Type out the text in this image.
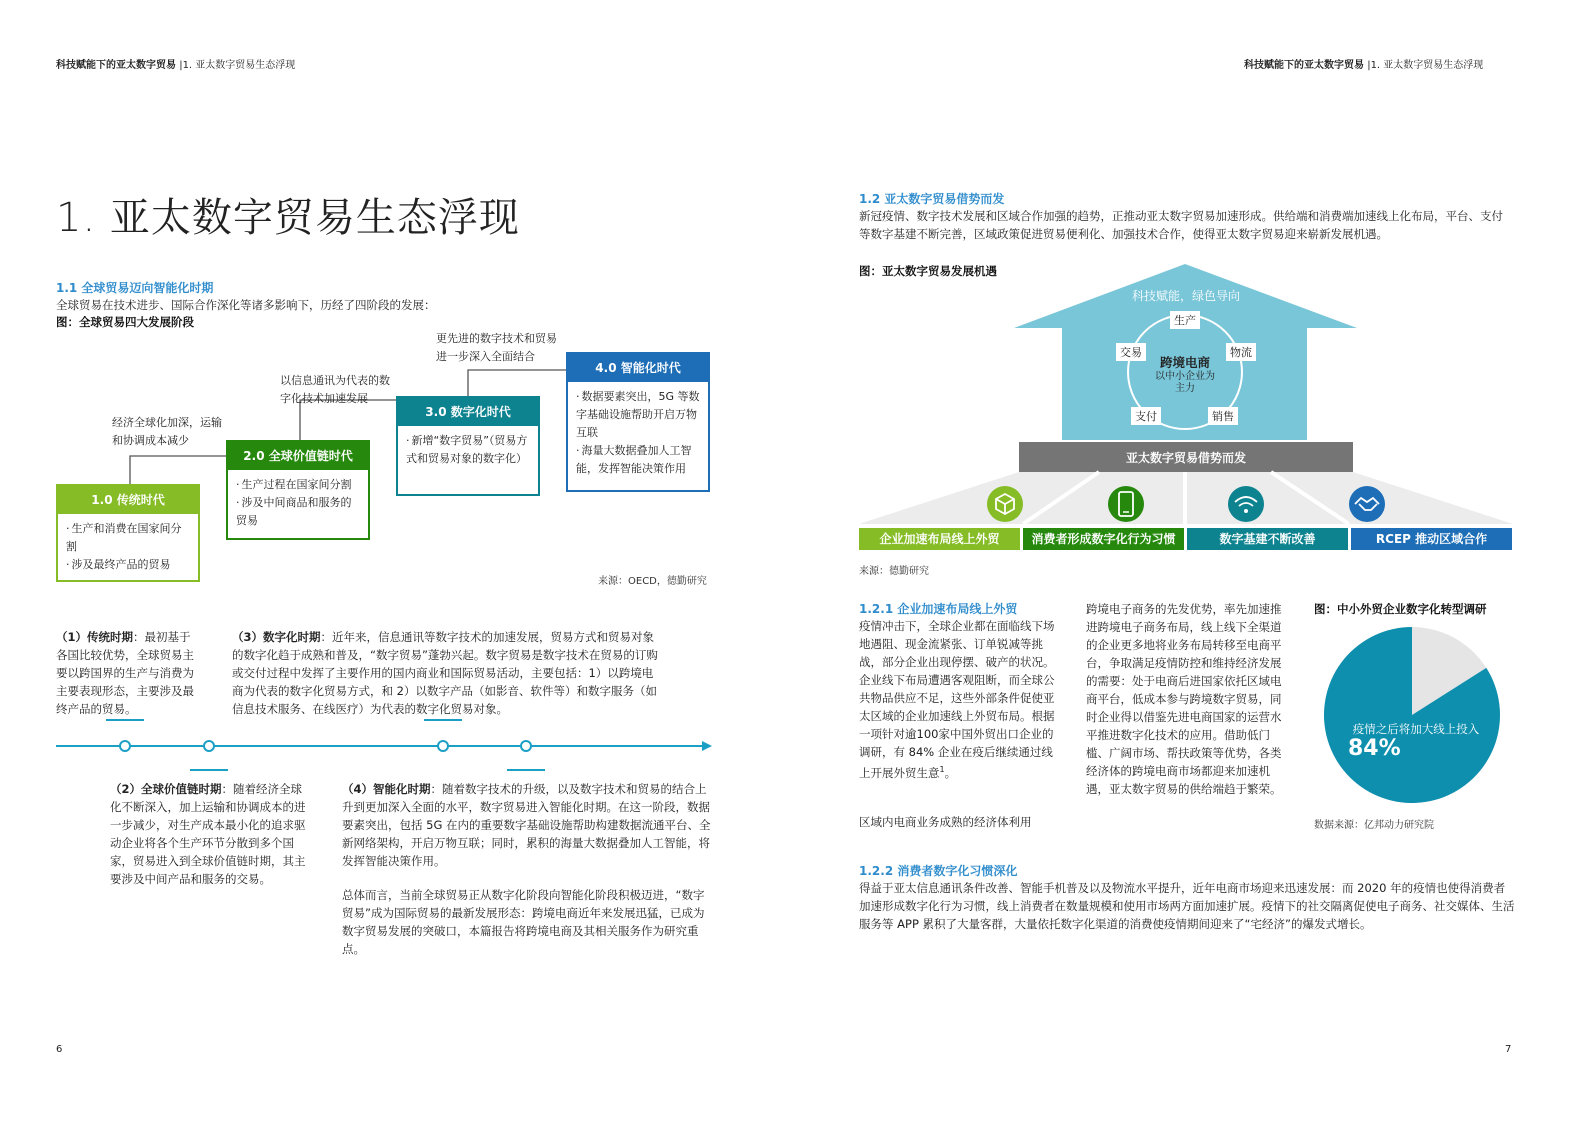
科技赋能下的亚太数字贸易 |1. 亚太数字贸易生态浮现
1. 亚太数字贸易生态浮现
1.1 全球贸易迈向智能化时期
全球贸易在技术进步、国际合作深化等诸多影响下，历经了四阶段的发展：
图：全球贸易四大发展阶段
经济全球化加深，运输和协调成本减少
以信息通讯为代表的数字化技术加速发展
更先进的数字技术和贸易进一步深入全面结合
1.0 传统时代
· 生产和消费在国家间分割
· 涉及最终产品的贸易
2.0 全球价值链时代
· 生产过程在国家间分割
· 涉及中间商品和服务的贸易
3.0 数字化时代
· 新增“数字贸易”（贸易方式和贸易对象的数字化）
4.0 智能化时代
· 数据要素突出，5G 等数字基础设施帮助开启万物互联
· 海量大数据叠加人工智能，发挥智能决策作用
来源：OECD，德勤研究
（1）传统时期：最初基于各国比较优势，全球贸易主要以跨国界的生产与消费为主要表现形态，主要涉及最终产品的贸易。
（3）数字化时期：近年来，信息通讯等数字技术的加速发展，贸易方式和贸易对象的数字化趋于成熟和普及，“数字贸易”蓬勃兴起。数字贸易是数字技术在贸易的订购或交付过程中发挥了主要作用的国内商业和国际贸易活动，主要包括：1）以跨境电商为代表的数字化贸易方式，和 2）以数字产品（如影音、软件等）和数字服务（如信息技术服务、在线医疗）为代表的数字化贸易对象。
（2）全球价值链时期：随着经济全球化不断深入，加上运输和协调成本的进一步减少，对生产成本最小化的追求驱动企业将各个生产环节分散到多个国家，贸易进入到全球价值链时期，其主要涉及中间产品和服务的交易。
（4）智能化时期：随着数字技术的升级，以及数字技术和贸易的结合上升到更加深入全面的水平，数字贸易进入智能化时期。在这一阶段，数据要素突出，包括 5G 在内的重要数字基础设施帮助构建数据流通平台、全新网络架构，开启万物互联；同时，累积的海量大数据叠加人工智能，将发挥智能决策作用。
总体而言，当前全球贸易正从数字化阶段向智能化阶段积极迈进，“数字贸易”成为国际贸易的最新发展形态：跨境电商近年来发展迅猛，已成为数字贸易发展的突破口，本篇报告将跨境电商及其相关服务作为研究重点。
6
科技赋能下的亚太数字贸易 |1. 亚太数字贸易生态浮现
1.2 亚太数字贸易借势而发
新冠疫情、数字技术发展和区域合作加强的趋势，正推动亚太数字贸易加速形成。供给端和消费端加速线上化布局，平台、支付等数字基建不断完善，区域政策促进贸易便利化、加强技术合作，使得亚太数字贸易迎来崭新发展机遇。
图：亚太数字贸易发展机遇
科技赋能，绿色导向
跨境电商
以中小企业为主力
生产
物流
销售
支付
交易
亚太数字贸易借势而发
企业加速布局线上外贸	消费者形成数字化行为习惯	数字基建不断改善	RCEP 推动区域合作
来源：德勤研究
1.2.1 企业加速布局线上外贸
疫情冲击下，全球企业都在面临线下场地遇阻、现金流紧张、订单锐减等挑战，部分企业出现停摆、破产的状况。企业线下布局遭遇客观阻断，而全球公共物品供应不足，这些外部条件促使亚太区域的企业加速线上外贸布局。根据一项针对逾100家中国外贸出口企业的调研，有 84% 企业在疫后继续通过线上开展外贸生意$^1$。
区域内电商业务成熟的经济体利用
跨境电子商务的先发优势，率先加速推进跨境电子商务布局，线上线下全渠道的企业更多地将业务布局转移至电商平台，争取满足疫情防控和维持经济发展的需要：处于电商后进国家依托区域电商平台，低成本参与跨境数字贸易，同时企业得以借鉴先进电商国家的运营水平推进数字化技术的应用。借助低门槛、广阔市场、帮扶政策等优势，各类经济体的跨境电商市场都迎来加速机遇，亚太数字贸易的供给端趋于繁荣。
图：中小外贸企业数字化转型调研
疫情之后将加大线上投入
84%
数据来源：亿邦动力研究院
1.2.2 消费者数字化习惯深化
得益于亚太信息通讯条件改善、智能手机普及以及物流水平提升，近年电商市场迎来迅速发展：而 2020 年的疫情也使得消费者加速形成数字化行为习惯，线上消费者在数量规模和使用市场两方面加速扩展。疫情下的社交隔离促使电子商务、社交媒体、生活服务等 APP 累积了大量客群，大量依托数字化渠道的消费使疫情期间迎来了“宅经济”的爆发式增长。
7
